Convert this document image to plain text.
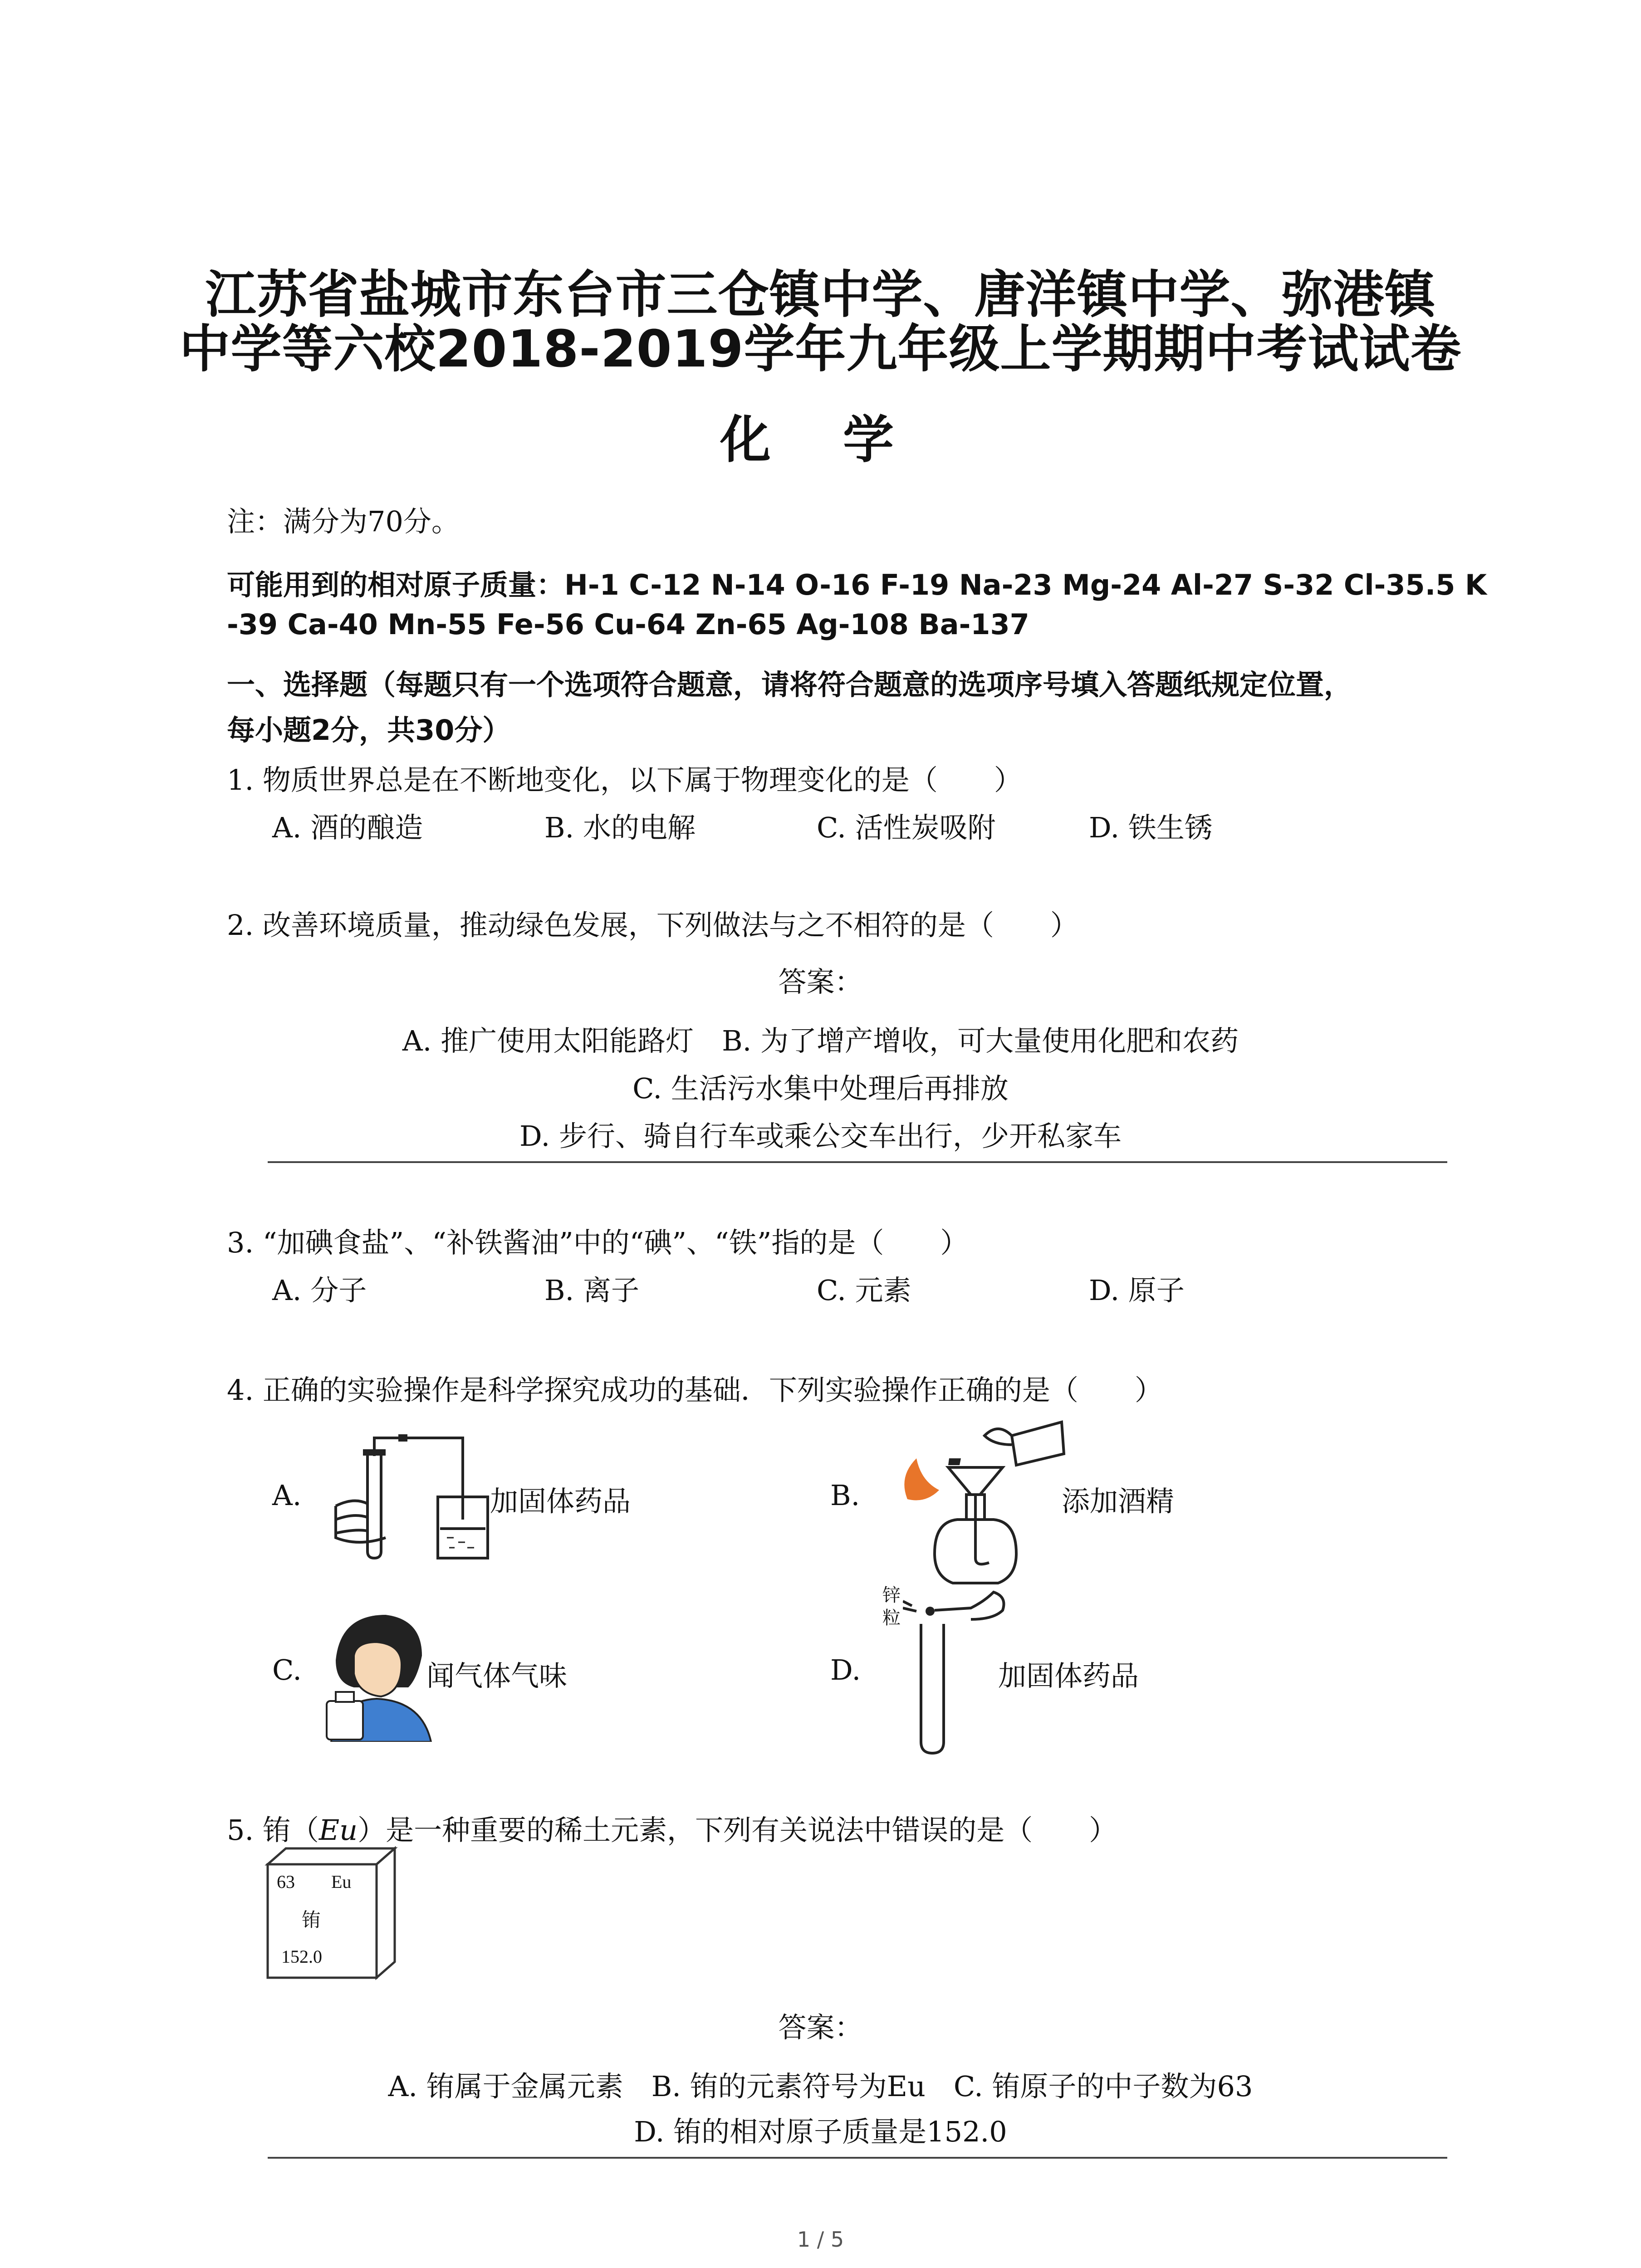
江苏省盐城市东台市三仓镇中学、唐洋镇中学、弥港镇
中学等六校2018-2019学年九年级上学期期中考试试卷
化 学
注：满分为70分。
可能用到的相对原子质量：H-1 C-12 N-14 O-16 F-19 Na-23 Mg-24 Al-27 S-32 Cl-35.5 K
-39 Ca-40 Mn-55 Fe-56 Cu-64 Zn-65 Ag-108 Ba-137
一、选择题（每题只有一个选项符合题意，请将符合题意的选项序号填入答题纸规定位置，
每小题2分，共30分）
1. 物质世界总是在不断地变化，以下属于物理变化的是（　　）
A. 酒的酿造	B. 水的电解	C. 活性炭吸附	D. 铁生锈
2. 改善环境质量，推动绿色发展，下列做法与之不相符的是（　　）
答案：
A. 推广使用太阳能路灯　B. 为了增产增收，可大量使用化肥和农药
C. 生活污水集中处理后再排放
D. 步行、骑自行车或乘公交车出行，少开私家车
3. “加碘食盐”、“补铁酱油”中的“碘”、“铁”指的是（　　）
A. 分子	B. 离子	C. 元素	D. 原子
4. 正确的实验操作是科学探究成功的基础．下列实验操作正确的是（　　）
A.	加固体药品	B.	添加酒精
C.	闻气体气味	D.
锌
粒
加固体药品
5. 铕（Eu）是一种重要的稀土元素，下列有关说法中错误的是（　　）
63 Eu
铕
152.0
答案：
A. 铕属于金属元素　B. 铕的元素符号为Eu　C. 铕原子的中子数为63
D. 铕的相对原子质量是152.0
1 / 5
